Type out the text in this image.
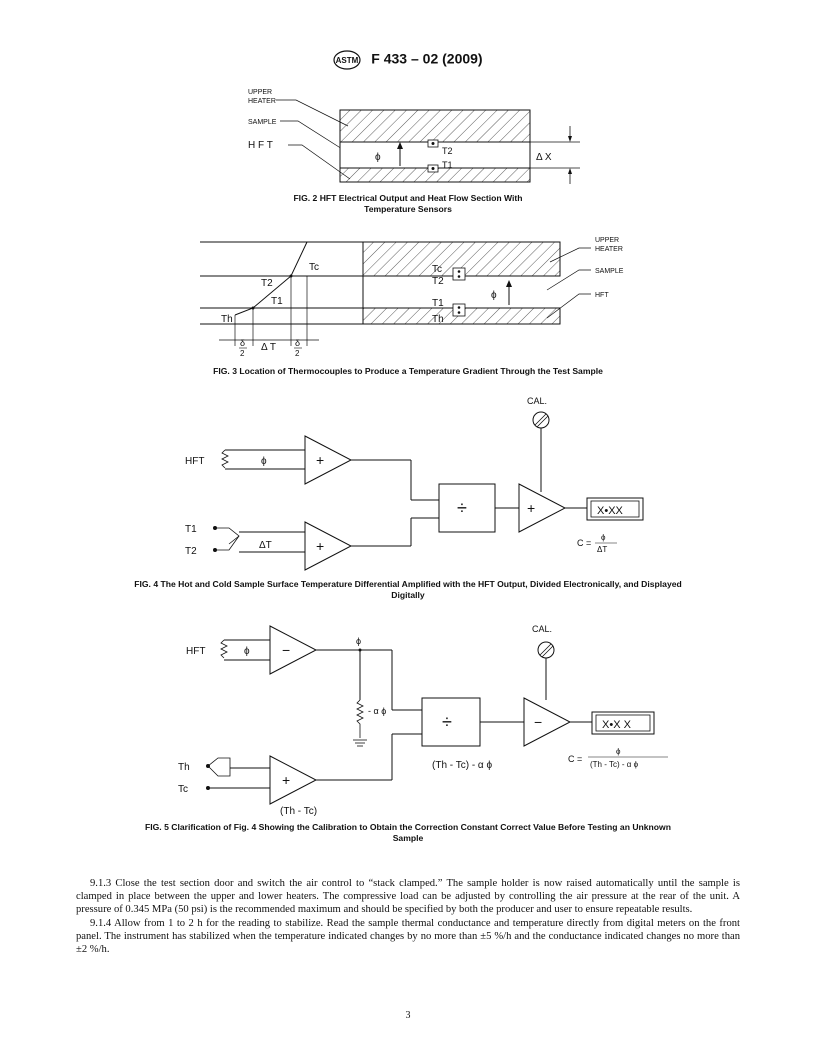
ASTM F 433 – 02 (2009)
UPPER
HEATER
SAMPLE
H F T
ϕ
T2
T1
Δ X
FIG. 2 HFT Electrical Output and Heat Flow Section With
Temperature Sensors
Tc
T2
T1
Th
Δ T
δ
2
δ
2
Tc
T2
T1
Th
ϕ
UPPER
HEATER
SAMPLE
HFT
FIG. 3 Location of Thermocouples to Produce a Temperature Gradient Through the Test Sample
CAL.
HFT	ϕ	+
T1
T2
ΔT	+
÷	+	X•XX
C =
ϕ
ΔT
FIG. 4 The Hot and Cold Sample Surface Temperature Differential Amplified with the HFT Output, Divided Electronically, and Displayed
Digitally
CAL.
HFT	ϕ −
ϕ
- α ϕ
Th
Tc
+
(Th - Tc)
÷
(Th - Tc) - α ϕ
−	X•X X
C =
ϕ
(Th - Tc) - α ϕ
FIG. 5 Clarification of Fig. 4 Showing the Calibration to Obtain the Correction Constant Correct Value Before Testing an Unknown
Sample

9.1.3 Close the test section door and switch the air control to “stack clamped.” The sample holder is now raised automatically until the sample is clamped in place between the upper and lower heaters. The compressive load can be adjusted by controlling the air pressure at the rear of the unit. A pressure of 0.345 MPa (50 psi) is the recommended maximum and should be specified by both the producer and user to ensure repeatable results.

9.1.4 Allow from 1 to 2 h for the reading to stabilize. Read the sample thermal conductance and temperature directly from digital meters on the front panel. The instrument has stabilized when the temperature indicated changes by no more than ±5 %/h and the conductance indicated changes no more than ±2 %/h.

3
